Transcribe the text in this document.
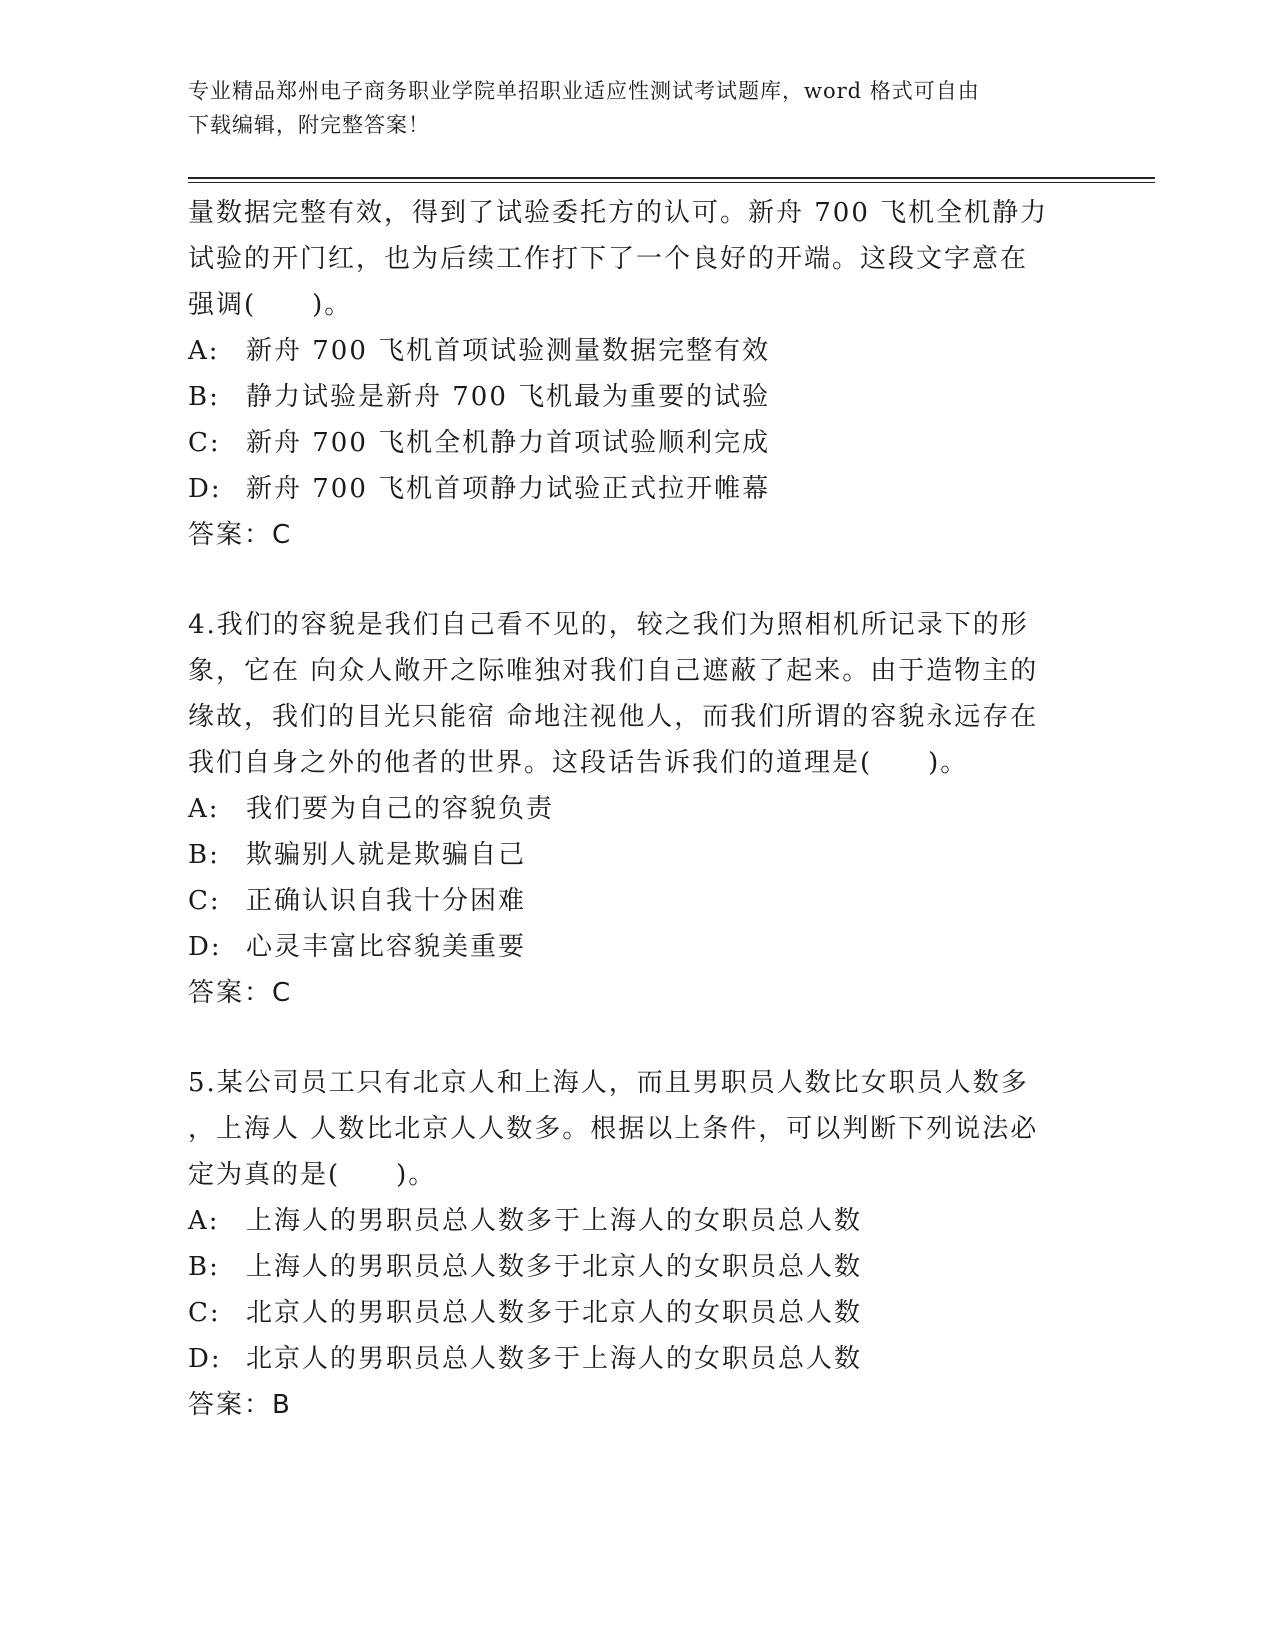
专业精品郑州电子商务职业学院单招职业适应性测试考试题库，word 格式可自由
下载编辑，附完整答案！
量数据完整有效，得到了试验委托方的认可。新舟 700 飞机全机静力
试验的开门红，也为后续工作打下了一个良好的开端。这段文字意在
强调(　　)。
A:	新舟 700 飞机首项试验测量数据完整有效
B:	静力试验是新舟 700 飞机最为重要的试验
C: 新舟 700 飞机全机静力首项试验顺利完成
D: 新舟 700 飞机首项静力试验正式拉开帷幕
答案：C
4.我们的容貌是我们自己看不见的，较之我们为照相机所记录下的形
象，它在 向众人敞开之际唯独对我们自己遮蔽了起来。由于造物主的
缘故，我们的目光只能宿 命地注视他人，而我们所谓的容貌永远存在
我们自身之外的他者的世界。这段话告诉我们的道理是(　　)。
A:	我们要为自己的容貌负责
B:	欺骗别人就是欺骗自己
C: 正确认识自我十分困难
D: 心灵丰富比容貌美重要
答案：C
5.某公司员工只有北京人和上海人，而且男职员人数比女职员人数多
，上海人 人数比北京人人数多。根据以上条件，可以判断下列说法必
定为真的是(　　)。
A:	上海人的男职员总人数多于上海人的女职员总人数
B:	上海人的男职员总人数多于北京人的女职员总人数
C: 北京人的男职员总人数多于北京人的女职员总人数
D: 北京人的男职员总人数多于上海人的女职员总人数
答案：B
